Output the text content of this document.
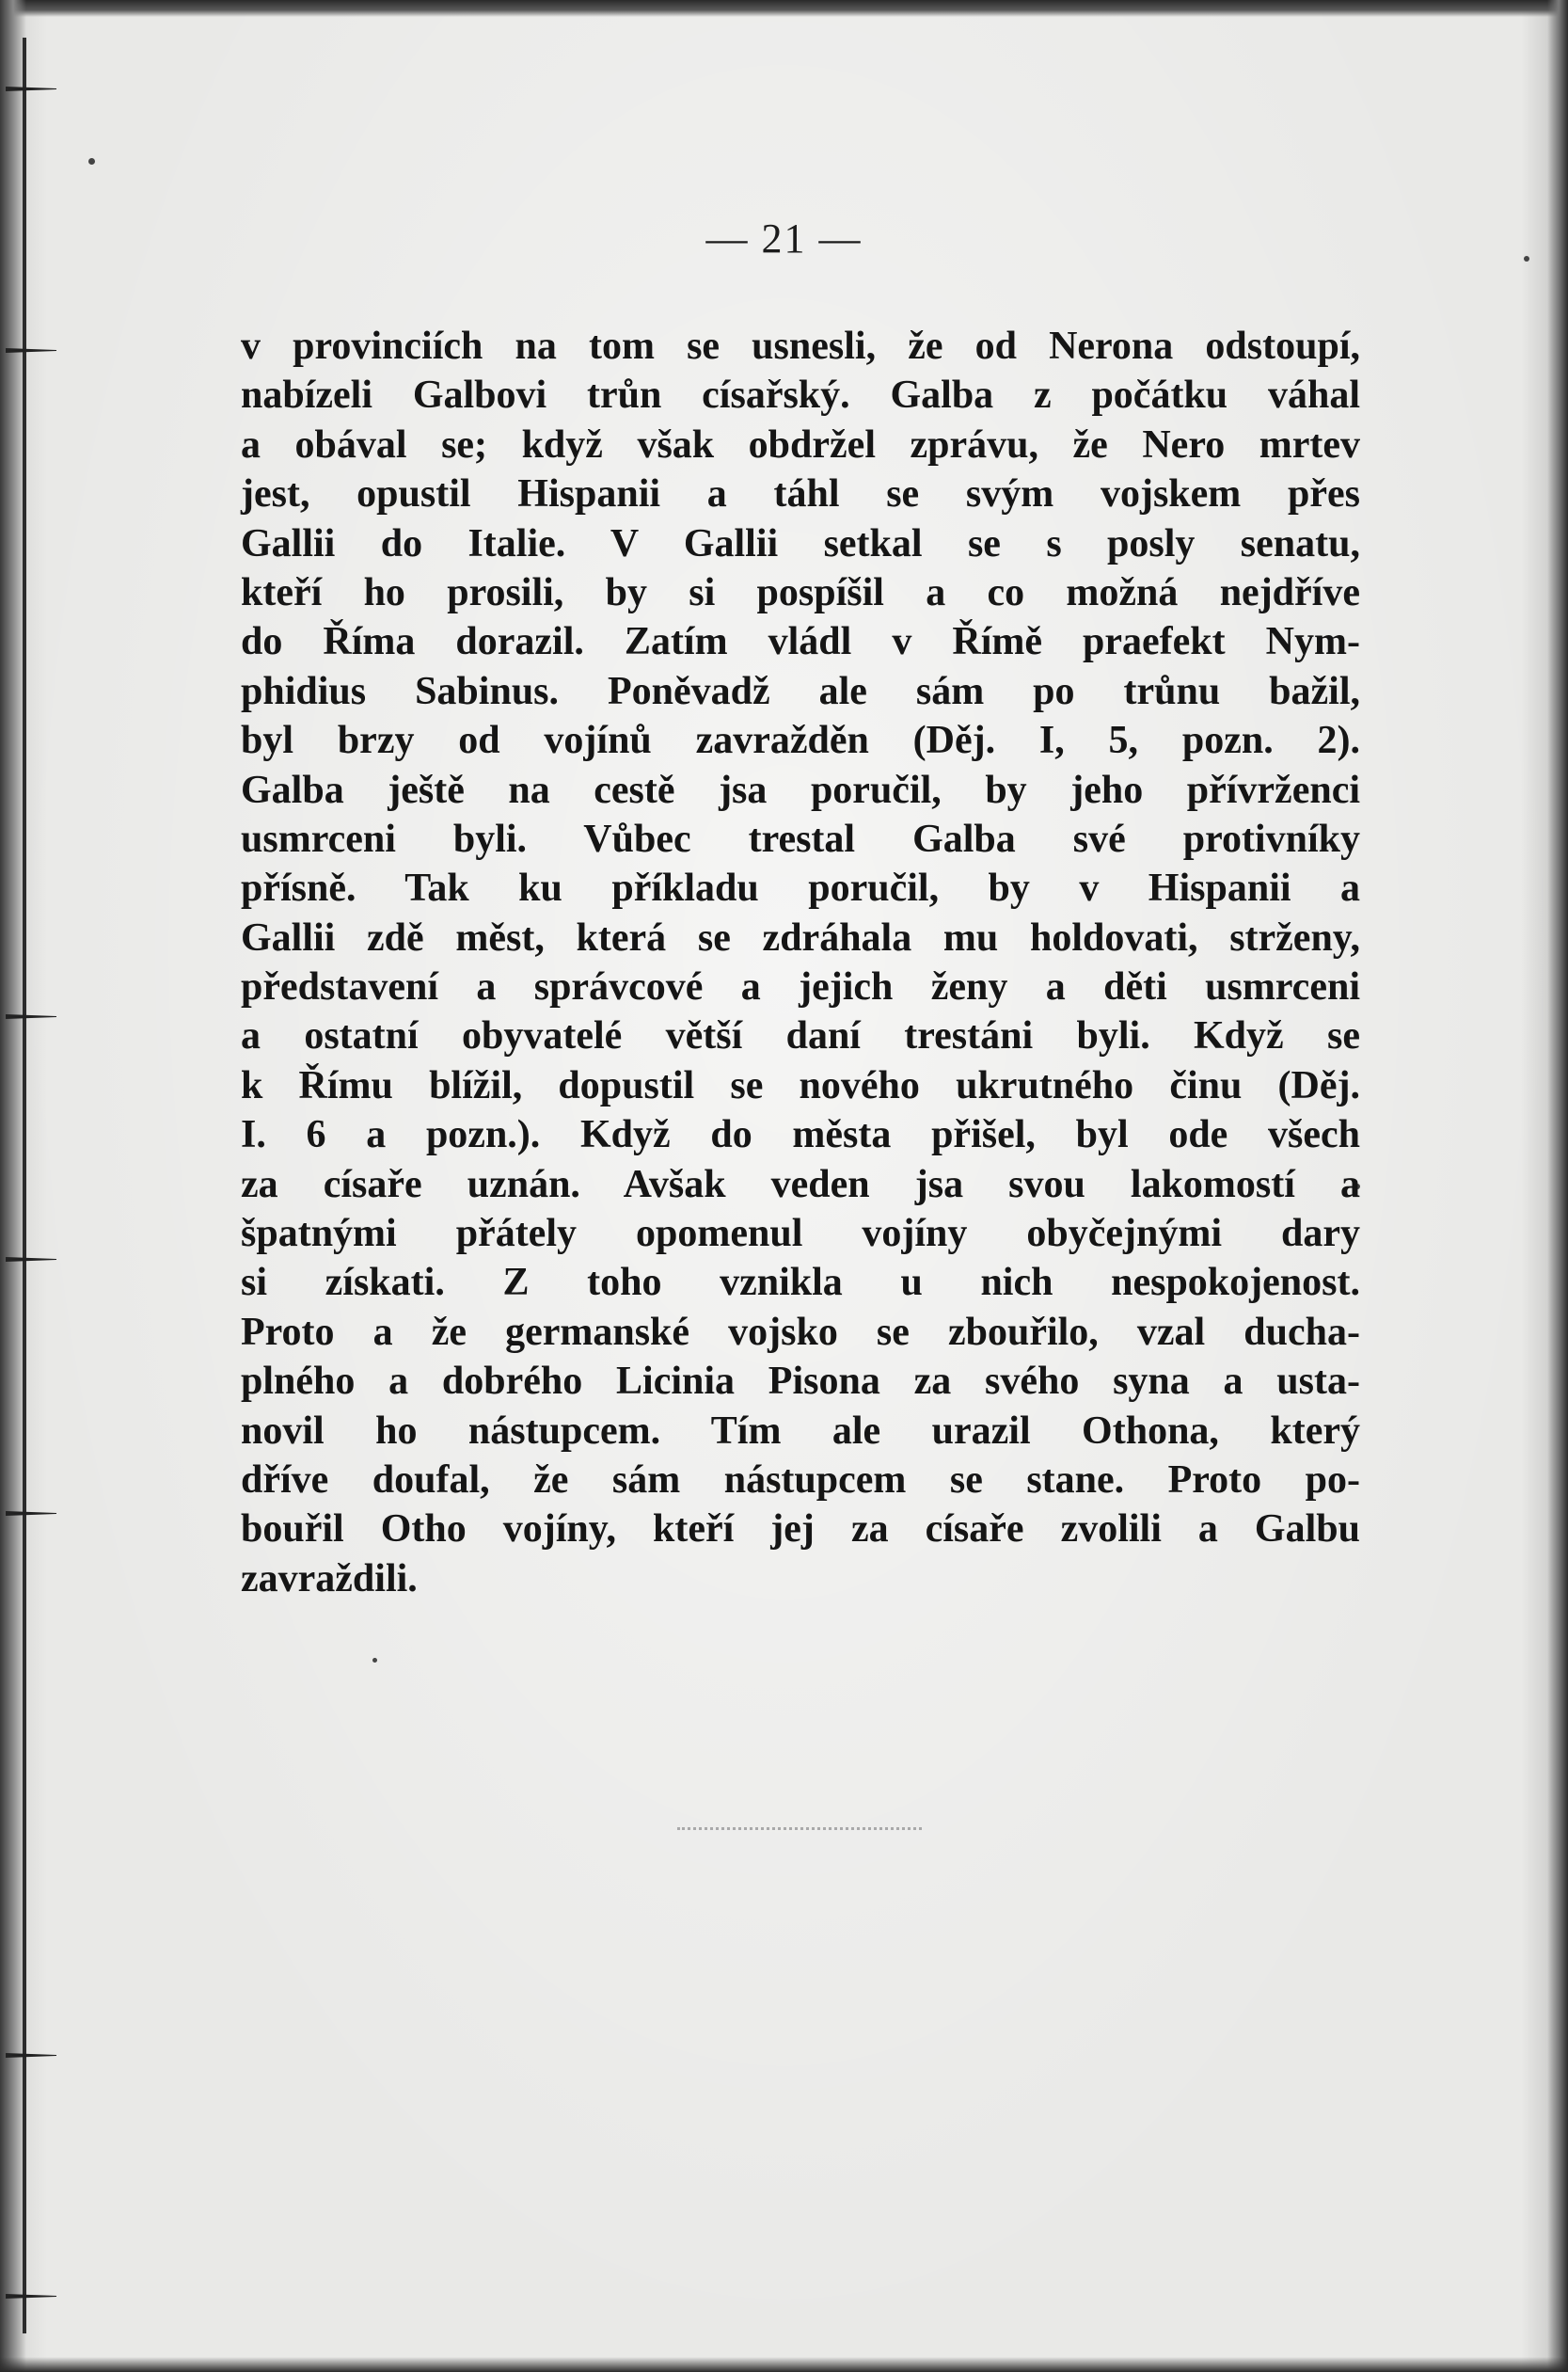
— 21 —
v provinciích na tom se usnesli, že od Nerona odstoupí,
nabízeli Galbovi trůn císařský. Galba z počátku váhal
a obával se; když však obdržel zprávu, že Nero mrtev
jest, opustil Hispanii a táhl se svým vojskem přes
Gallii do Italie. V Gallii setkal se s posly senatu,
kteří ho prosili, by si pospíšil a co možná nejdříve
do Říma dorazil. Zatím vládl v Římě praefekt Nym-
phidius Sabinus. Poněvadž ale sám po trůnu bažil,
byl brzy od vojínů zavražděn (Děj. I, 5, pozn. 2).
Galba ještě na cestě jsa poručil, by jeho přívrženci
usmrceni byli. Vůbec trestal Galba své protivníky
přísně. Tak ku příkladu poručil, by v Hispanii a
Gallii zdě měst, která se zdráhala mu holdovati, strženy,
představení a správcové a jejich ženy a děti usmrceni
a ostatní obyvatelé větší daní trestáni byli. Když se
k Římu blížil, dopustil se nového ukrutného činu (Děj.
I. 6 a pozn.). Když do města přišel, byl ode všech
za císaře uznán. Avšak veden jsa svou lakomostí a
špatnými přátely opomenul vojíny obyčejnými dary
si získati. Z toho vznikla u nich nespokojenost.
Proto a že germanské vojsko se zbouřilo, vzal ducha-
plného a dobrého Licinia Pisona za svého syna a usta-
novil ho nástupcem. Tím ale urazil Othona, který
dříve doufal, že sám nástupcem se stane. Proto po-
bouřil Otho vojíny, kteří jej za císaře zvolili a Galbu
zavraždili.
